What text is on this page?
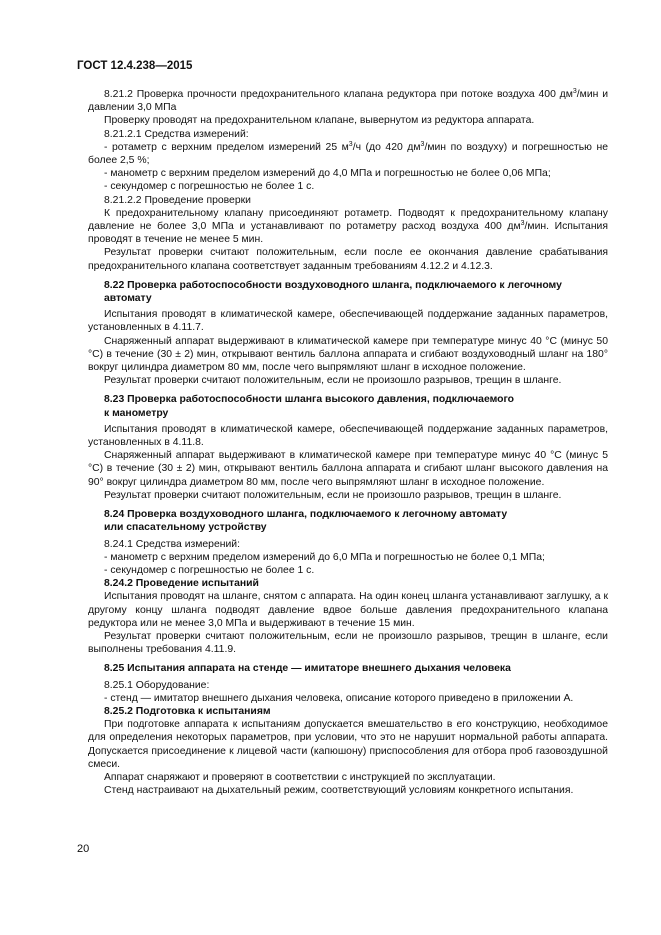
ГОСТ 12.4.238—2015

8.21.2 Проверка прочности предохранительного клапана редуктора при потоке воздуха 400 $дм^3$/мин и давлении 3,0 МПа

Проверку проводят на предохранительном клапане, вывернутом из редуктора аппарата.

8.21.2.1 Средства измерений:

- ротаметр с верхним пределом измерений 25 $м^3/ч$ (до 420 $дм^3$/мин по воздуху) и погрешностью не более 2,5 %;

- манометр с верхним пределом измерений до 4,0 МПа и погрешностью не более 0,06 МПа;

- секундомер с погрешностью не более 1 с.

8.21.2.2 Проведение проверки

К предохранительному клапану присоединяют ротаметр. Подводят к предохранительному клапану давление не более 3,0 МПа и устанавливают по ротаметру расход воздуха 400 $дм^3$/мин. Испытания проводят в течение не менее 5 мин.

Результат проверки считают положительным, если после ее окончания давление срабатывания предохранительного клапана соответствует заданным требованиям 4.12.2 и 4.12.3.

8.22 Проверка работоспособности воздуховодного шланга, подключаемого к легочному автомату

Испытания проводят в климатической камере, обеспечивающей поддержание заданных параметров, установленных в 4.11.7.

Снаряженный аппарат выдерживают в климатической камере при температуре минус 40 °С (минус 50 °С) в течение (30 ± 2) мин, открывают вентиль баллона аппарата и сгибают воздуховодный шланг на 180° вокруг цилиндра диаметром 80 мм, после чего выпрямляют шланг в исходное положение.

Результат проверки считают положительным, если не произошло разрывов, трещин в шланге.

8.23 Проверка работоспособности шланга высокого давления, подключаемого
к манометру

Испытания проводят в климатической камере, обеспечивающей поддержание заданных параметров, установленных в 4.11.8.

Снаряженный аппарат выдерживают в климатической камере при температуре минус 40 °С (минус 5 °С) в течение (30 ± 2) мин, открывают вентиль баллона аппарата и сгибают шланг высокого давления на 90° вокруг цилиндра диаметром 80 мм, после чего выпрямляют шланг в исходное положение.

Результат проверки считают положительным, если не произошло разрывов, трещин в шланге.

8.24 Проверка воздуховодного шланга, подключаемого к легочному автомату
или спасательному устройству

8.24.1 Средства измерений:

- манометр с верхним пределом измерений до 6,0 МПа и погрешностью не более 0,1 МПа;

- секундомер с погрешностью не более 1 с.

8.24.2 Проведение испытаний

Испытания проводят на шланге, снятом с аппарата. На один конец шланга устанавливают заглушку, а к другому концу шланга подводят давление вдвое больше давления предохранительного клапана редуктора или не менее 3,0 МПа и выдерживают в течение 15 мин.

Результат проверки считают положительным, если не произошло разрывов, трещин в шланге, если выполнены требования 4.11.9.

8.25 Испытания аппарата на стенде — имитаторе внешнего дыхания человека

8.25.1 Оборудование:

- стенд — имитатор внешнего дыхания человека, описание которого приведено в приложении А.

8.25.2 Подготовка к испытаниям

При подготовке аппарата к испытаниям допускается вмешательство в его конструкцию, необходимое для определения некоторых параметров, при условии, что это не нарушит нормальной работы аппарата. Допускается присоединение к лицевой части (капюшону) приспособления для отбора проб газовоздушной смеси.

Аппарат снаряжают и проверяют в соответствии с инструкцией по эксплуатации.

Стенд настраивают на дыхательный режим, соответствующий условиям конкретного испытания.

20
